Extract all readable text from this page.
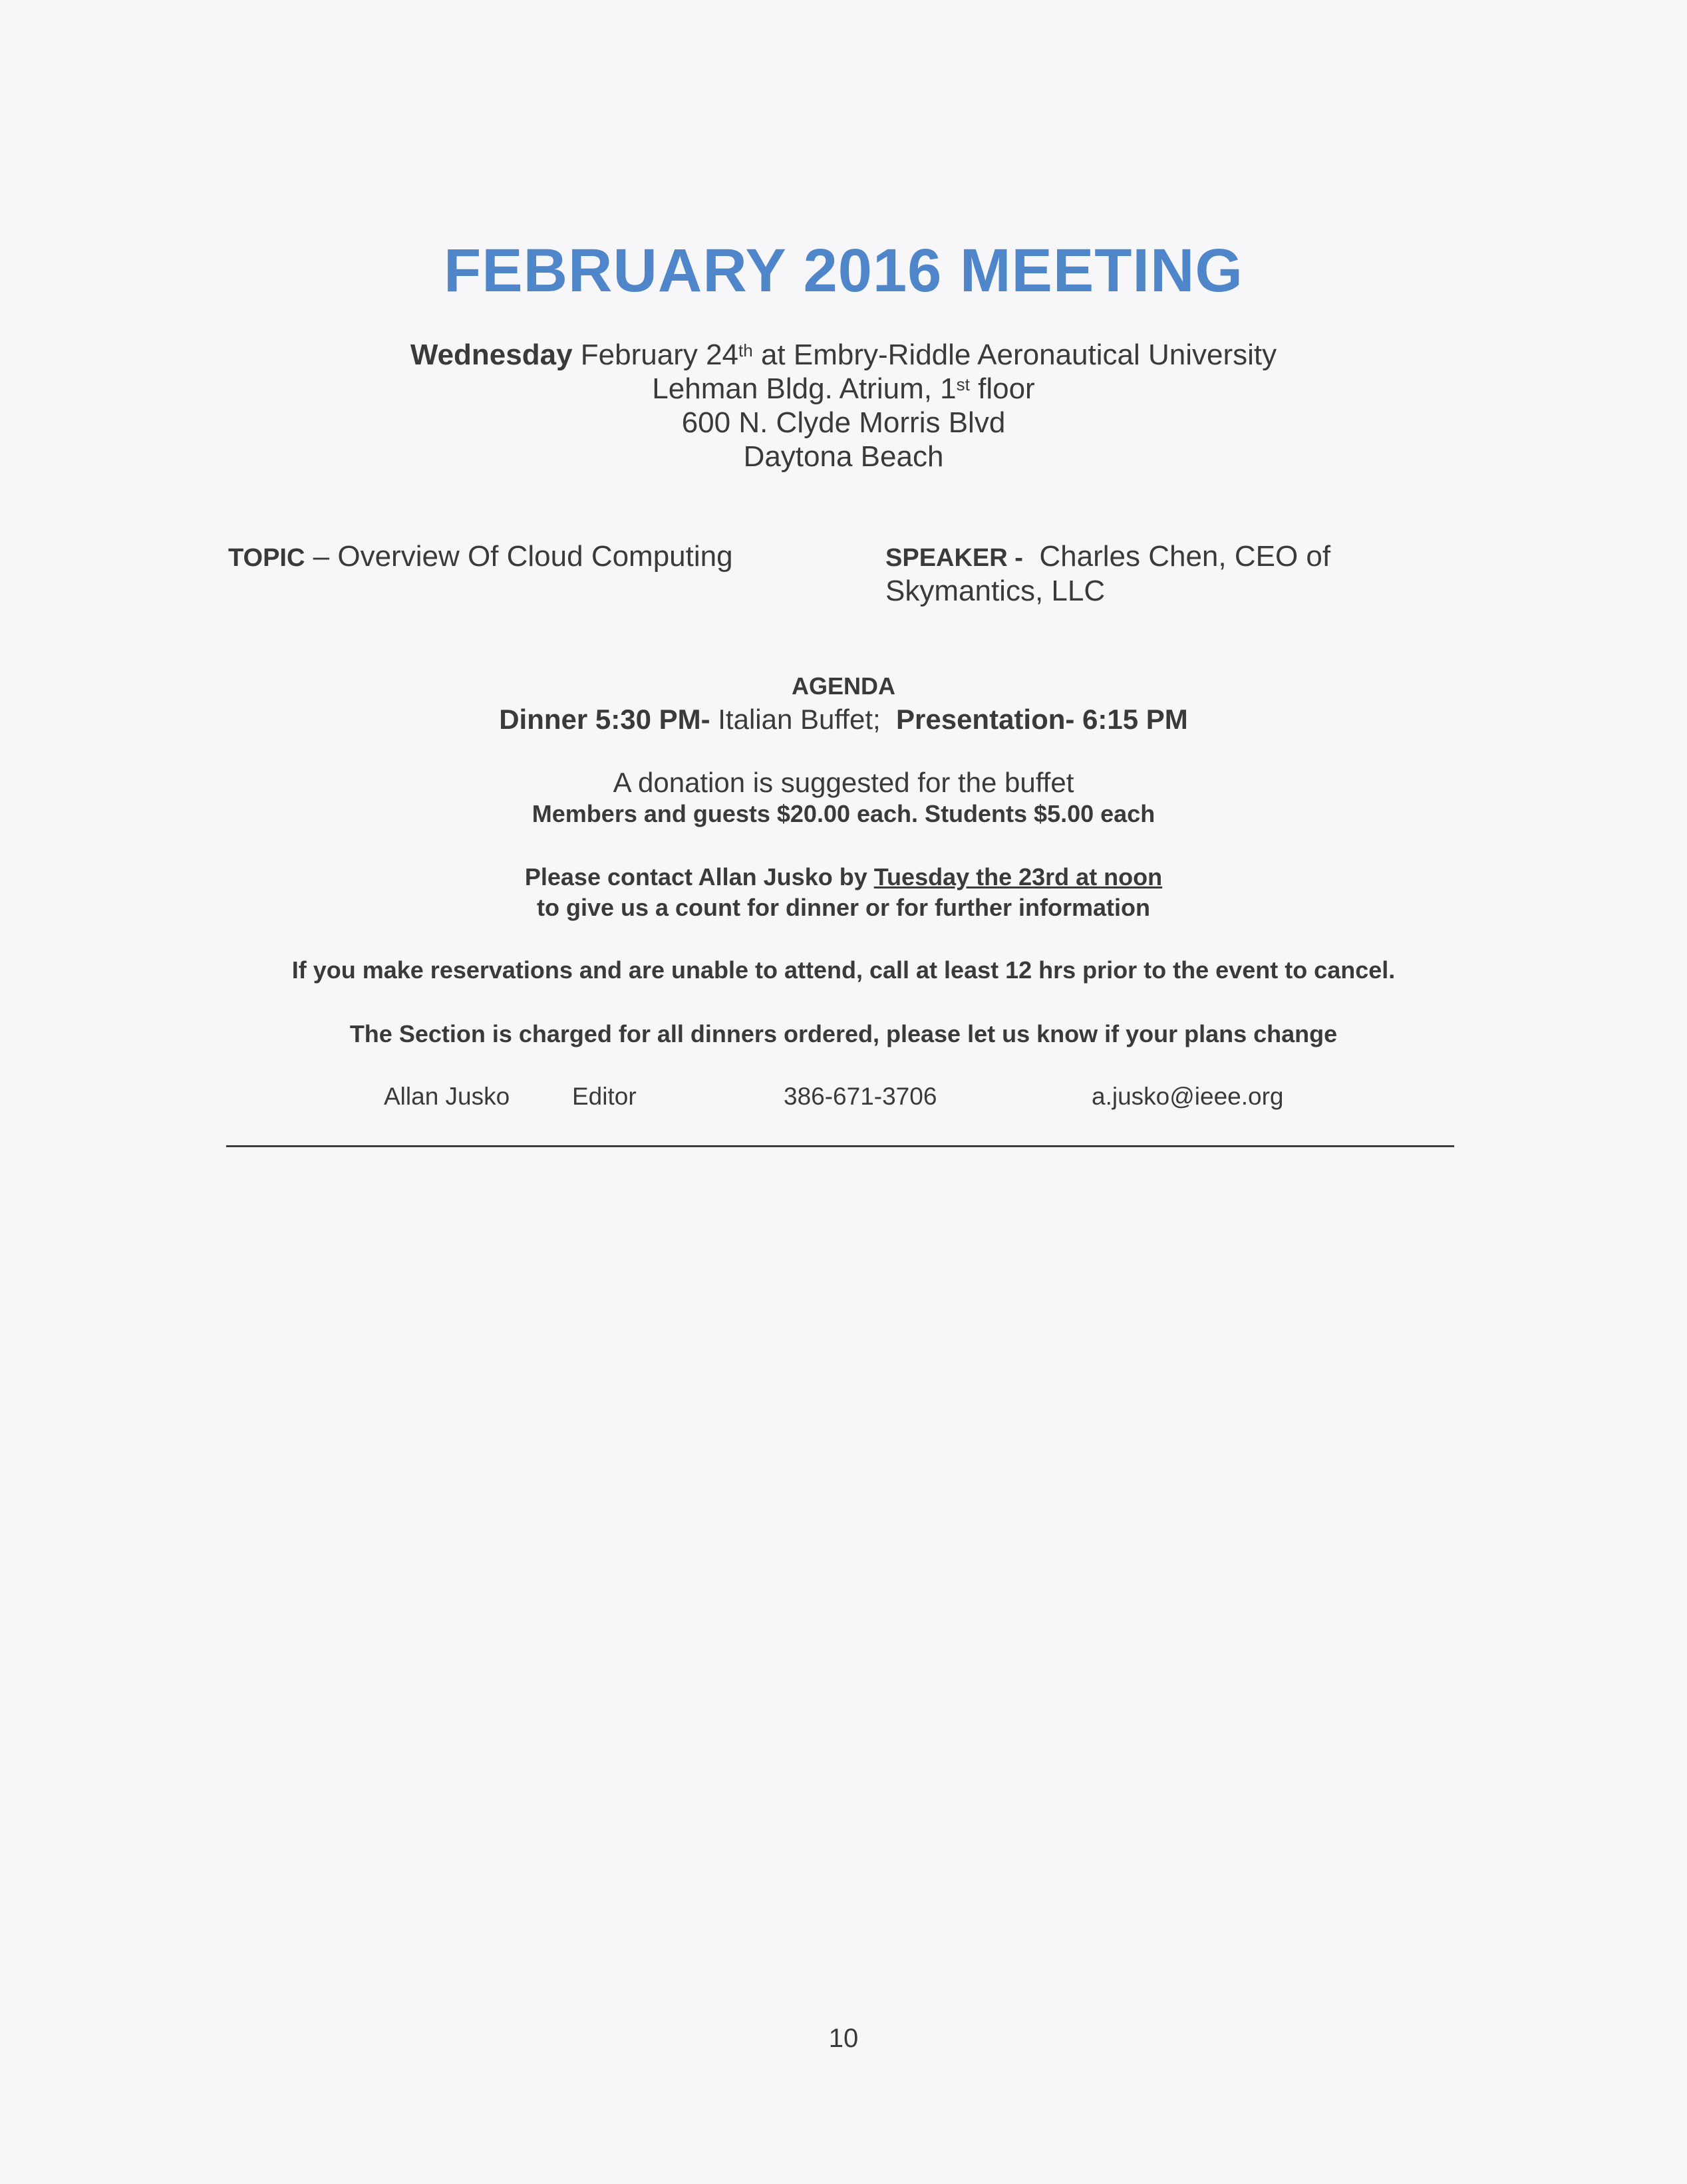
FEBRUARY 2016 MEETING
Wednesday February 24th at Embry-Riddle Aeronautical University
Lehman Bldg. Atrium, 1st floor
600 N. Clyde Morris Blvd
Daytona Beach
TOPIC – Overview Of Cloud Computing	SPEAKER - Charles Chen, CEO of
Skymantics, LLC
AGENDA
Dinner 5:30 PM- Italian Buffet; Presentation- 6:15 PM
A donation is suggested for the buffet
Members and guests $20.00 each. Students $5.00 each
Please contact Allan Jusko by Tuesday the 23rd at noon
to give us a count for dinner or for further information
If you make reservations and are unable to attend, call at least 12 hrs prior to the event to cancel.
The Section is charged for all dinners ordered, please let us know if your plans change
Allan Jusko	Editor	386-671-3706	a.jusko@ieee.org
10
